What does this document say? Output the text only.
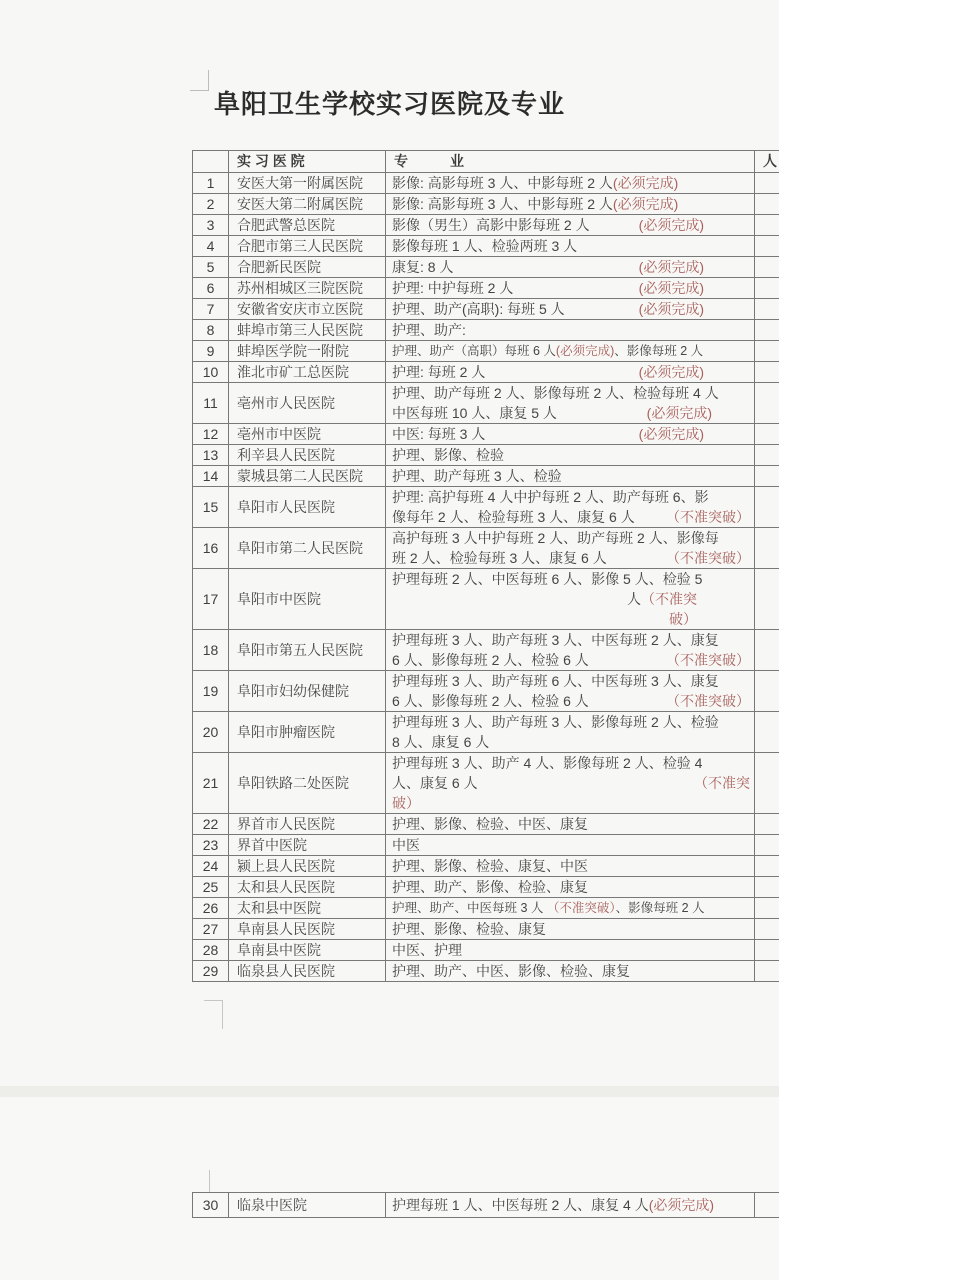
阜阳卫生学校实习医院及专业
	实 习 医 院	专　　　业	人
1	安医大第一附属医院	影像: 高影每班 3 人、中影每班 2 人(必须完成)	

2	安医大第二附属医院	影像: 高影每班 3 人、中影每班 2 人(必须完成)	

3	合肥武警总医院	影像（男生）高影中影每班 2 人 (必须完成)	

4	合肥市第三人民医院	影像每班 1 人、检验两班 3 人	

5	合肥新民医院	康复: 8 人 (必须完成)	

6	苏州相城区三院医院	护理: 中护每班 2 人 (必须完成)	

7	安徽省安庆市立医院	护理、助产(高职): 每班 5 人 (必须完成)	

8	蚌埠市第三人民医院	护理、助产:	

9	蚌埠医学院一附院	护理、助产（高职）每班 6 人(必须完成)、影像每班 2 人	

10	淮北市矿工总医院	护理: 每班 2 人 (必须完成)	

11	亳州市人民医院	护理、助产每班 2 人、影像每班 2 人、检验每班 4 人
中医每班 10 人、康复 5 人 (必须完成)	

12	亳州市中医院	中医: 每班 3 人 (必须完成)	

13	利辛县人民医院	护理、影像、检验	

14	蒙城县第二人民医院	护理、助产每班 3 人、检验	

15	阜阳市人民医院	护理: 高护每班 4 人中护每班 2 人、助产每班 6、影
像每年 2 人、检验每班 3 人、康复 6 人 （不准突破）	

16	阜阳市第二人民医院	高护每班 3 人中护每班 2 人、助产每班 2 人、影像每
班 2 人、检验每班 3 人、康复 6 人 （不准突破）	

17	阜阳市中医院	护理每班 2 人、中医每班 6 人、影像 5 人、检验 5
人 （不准突
破）	

18	阜阳市第五人民医院	护理每班 3 人、助产每班 3 人、中医每班 2 人、康复
6 人、影像每班 2 人、检验 6 人 （不准突破）	

19	阜阳市妇幼保健院	护理每班 3 人、助产每班 6 人、中医每班 3 人、康复
6 人、影像每班 2 人、检验 6 人 （不准突破）	

20	阜阳市肿瘤医院	护理每班 3 人、助产每班 3 人、影像每班 2 人、检验
8 人、康复 6 人	

21	阜阳铁路二处医院	护理每班 3 人、助产 4 人、影像每班 2 人、检验 4
人、康复 6 人 （不准突
破）	

22	界首市人民医院	护理、影像、检验、中医、康复	

23	界首中医院	中医	

24	颍上县人民医院	护理、影像、检验、康复、中医	

25	太和县人民医院	护理、助产、影像、检验、康复	

26	太和县中医院	护理、助产、中医每班 3 人 （不准突破）、影像每班 2 人	

27	阜南县人民医院	护理、影像、检验、康复	

28	阜南县中医院	中医、护理	

29	临泉县人民医院	护理、助产、中医、影像、检验、康复	

30	临泉中医院	护理每班 1 人、中医每班 2 人、康复 4 人(必须完成)
